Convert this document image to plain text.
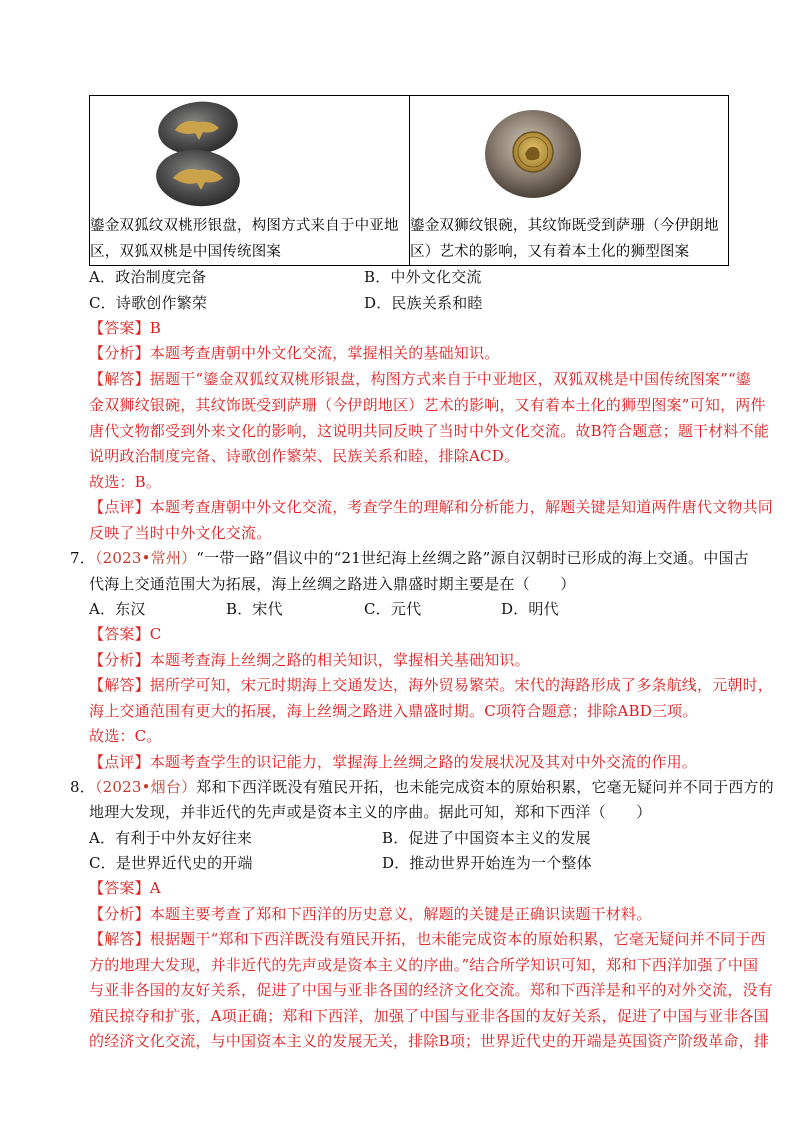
鎏金双狐纹双桃形银盘，构图方式来自于中亚地
区，双狐双桃是中国传统图案
鎏金双狮纹银碗，其纹饰既受到萨珊（今伊朗地
区）艺术的影响，又有着本土化的狮型图案
A．政治制度完备	B．中外文化交流
C．诗歌创作繁荣	D．民族关系和睦
【答案】B
【分析】本题考查唐朝中外文化交流，掌握相关的基础知识。
【解答】据题干“鎏金双狐纹双桃形银盘，构图方式来自于中亚地区，双狐双桃是中国传统图案”“鎏
金双狮纹银碗，其纹饰既受到萨珊（今伊朗地区）艺术的影响，又有着本土化的狮型图案”可知，两件
唐代文物都受到外来文化的影响，这说明共同反映了当时中外文化交流。故B符合题意；题干材料不能
说明政治制度完备、诗歌创作繁荣、民族关系和睦，排除ACD。
故选：B。
【点评】本题考查唐朝中外文化交流，考查学生的理解和分析能力，解题关键是知道两件唐代文物共同
反映了当时中外文化交流。
7．（2023•常州）“一带一路”倡议中的“21世纪海上丝绸之路”源自汉朝时已形成的海上交通。中国古
代海上交通范围大为拓展，海上丝绸之路进入鼎盛时期主要是在（　　）
A．东汉	B．宋代	C．元代	D．明代
【答案】C
【分析】本题考查海上丝绸之路的相关知识，掌握相关基础知识。
【解答】据所学可知，宋元时期海上交通发达，海外贸易繁荣。宋代的海路形成了多条航线，元朝时，
海上交通范围有更大的拓展，海上丝绸之路进入鼎盛时期。C项符合题意；排除ABD三项。
故选：C。
【点评】本题考查学生的识记能力，掌握海上丝绸之路的发展状况及其对中外交流的作用。
8．（2023•烟台）郑和下西洋既没有殖民开拓，也未能完成资本的原始积累，它毫无疑问并不同于西方的
地理大发现，并非近代的先声或是资本主义的序曲。据此可知，郑和下西洋（　　）
A．有利于中外友好往来	B．促进了中国资本主义的发展
C．是世界近代史的开端	D．推动世界开始连为一个整体
【答案】A
【分析】本题主要考查了郑和下西洋的历史意义，解题的关键是正确识读题干材料。
【解答】根据题干“郑和下西洋既没有殖民开拓，也未能完成资本的原始积累，它毫无疑问并不同于西
方的地理大发现，并非近代的先声或是资本主义的序曲。”结合所学知识可知，郑和下西洋加强了中国
与亚非各国的友好关系，促进了中国与亚非各国的经济文化交流。郑和下西洋是和平的对外交流，没有
殖民掠夺和扩张，A项正确；郑和下西洋，加强了中国与亚非各国的友好关系，促进了中国与亚非各国
的经济文化交流，与中国资本主义的发展无关，排除B项；世界近代史的开端是英国资产阶级革命，排
